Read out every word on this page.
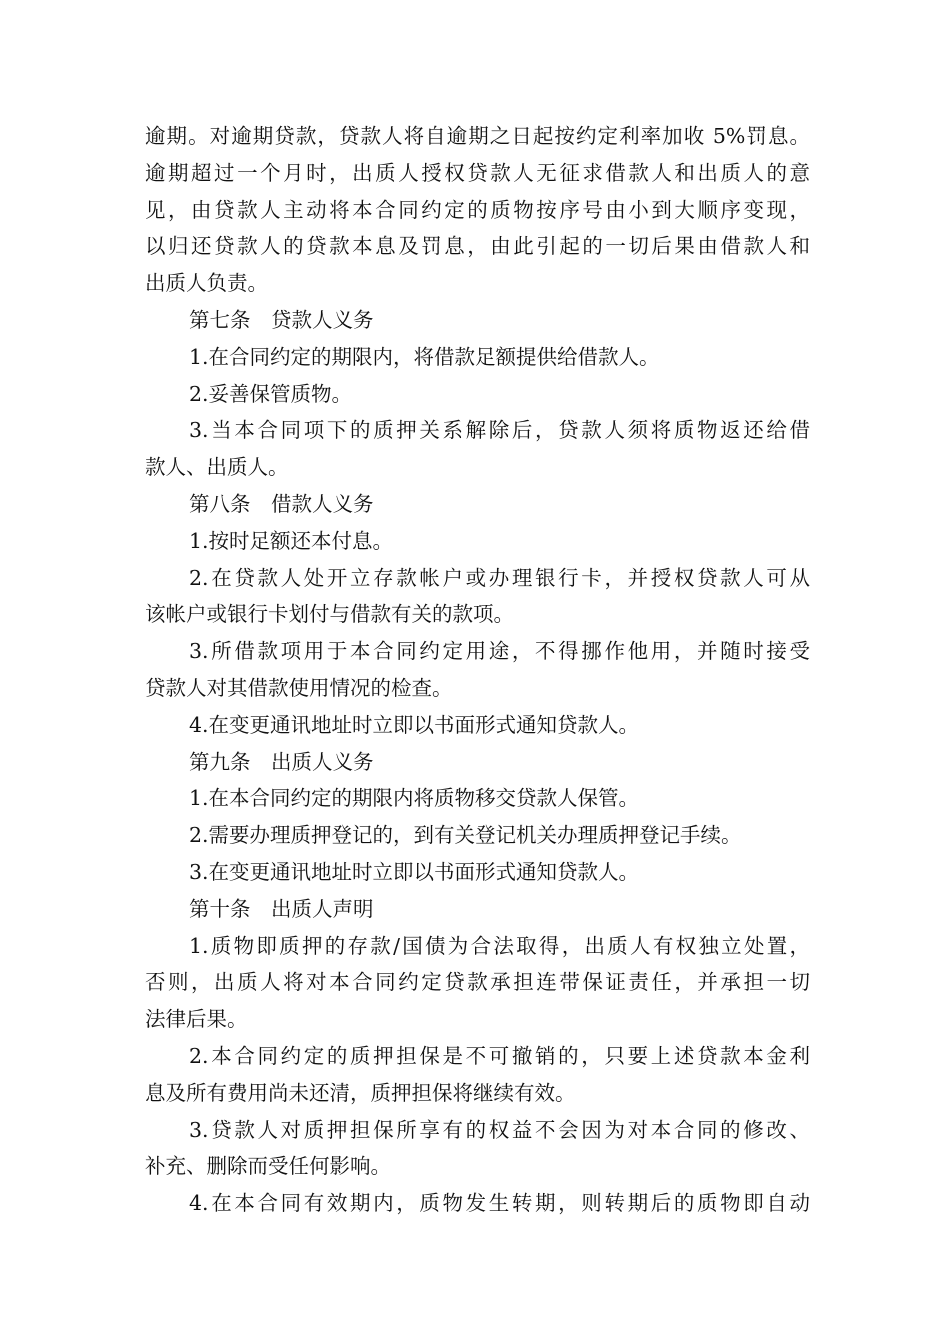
逾期。对逾期贷款，贷款人将自逾期之日起按约定利率加收 5%罚息。
逾期超过一个月时，出质人授权贷款人无征求借款人和出质人的意
见，由贷款人主动将本合同约定的质物按序号由小到大顺序变现，
以归还贷款人的贷款本息及罚息，由此引起的一切后果由借款人和
出质人负责。
第七条　贷款人义务
1.在合同约定的期限内，将借款足额提供给借款人。
2.妥善保管质物。
3.当本合同项下的质押关系解除后，贷款人须将质物返还给借
款人、出质人。
第八条　借款人义务
1.按时足额还本付息。
2.在贷款人处开立存款帐户或办理银行卡，并授权贷款人可从
该帐户或银行卡划付与借款有关的款项。
3.所借款项用于本合同约定用途，不得挪作他用，并随时接受
贷款人对其借款使用情况的检查。
4.在变更通讯地址时立即以书面形式通知贷款人。
第九条　出质人义务
1.在本合同约定的期限内将质物移交贷款人保管。
2.需要办理质押登记的，到有关登记机关办理质押登记手续。
3.在变更通讯地址时立即以书面形式通知贷款人。
第十条　出质人声明
1.质物即质押的存款/国债为合法取得，出质人有权独立处置，
否则，出质人将对本合同约定贷款承担连带保证责任，并承担一切
法律后果。
2.本合同约定的质押担保是不可撤销的，只要上述贷款本金利
息及所有费用尚未还清，质押担保将继续有效。
3.贷款人对质押担保所享有的权益不会因为对本合同的修改、
补充、删除而受任何影响。
4.在本合同有效期内，质物发生转期，则转期后的质物即自动
